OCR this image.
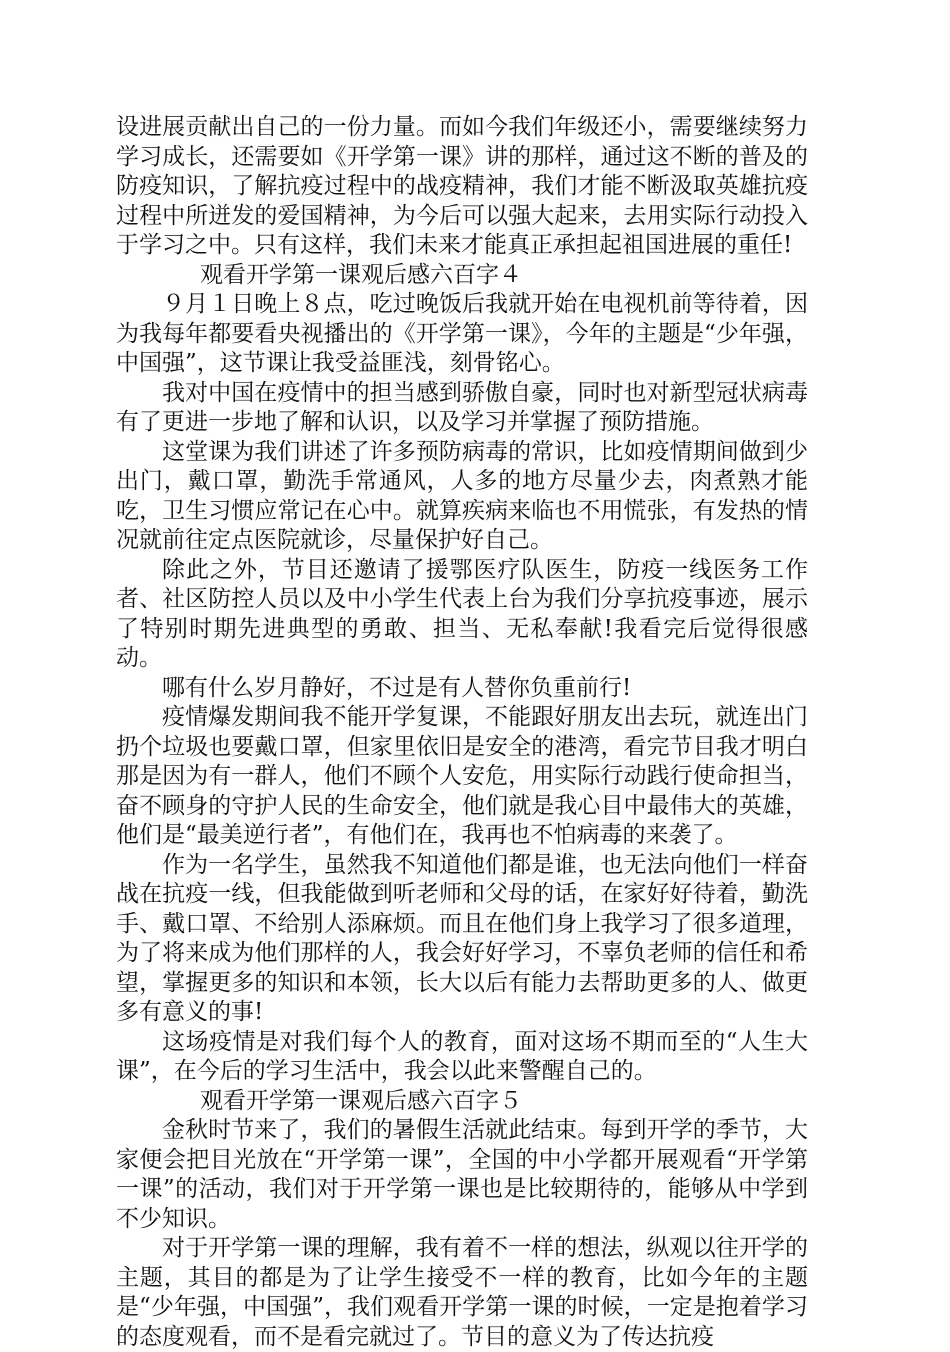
设进展贡献出自己的一份力量。而如今我们年级还小，需要继续努力学习成长，还需要如《开学第一课》讲的那样，通过这不断的普及的防疫知识，了解抗疫过程中的战疫精神，我们才能不断汲取英雄抗疫过程中所迸发的爱国精神，为今后可以强大起来，去用实际行动投入于学习之中。只有这样，我们未来才能真正承担起祖国进展的重任!

观看开学第一课观后感六百字４

９月１日晚上８点，吃过晚饭后我就开始在电视机前等待着，因为我每年都要看央视播出的《开学第一课》，今年的主题是“少年强，中国强”，这节课让我受益匪浅，刻骨铭心。

我对中国在疫情中的担当感到骄傲自豪，同时也对新型冠状病毒有了更进一步地了解和认识，以及学习并掌握了预防措施。

这堂课为我们讲述了许多预防病毒的常识，比如疫情期间做到少出门，戴口罩，勤洗手常通风，人多的地方尽量少去，肉煮熟才能吃，卫生习惯应常记在心中。就算疾病来临也不用慌张，有发热的情况就前往定点医院就诊，尽量保护好自己。

除此之外，节目还邀请了援鄂医疗队医生，防疫一线医务工作者、社区防控人员以及中小学生代表上台为我们分享抗疫事迹，展示了特别时期先进典型的勇敢、担当、无私奉献!我看完后觉得很感动。

哪有什么岁月静好，不过是有人替你负重前行!

疫情爆发期间我不能开学复课，不能跟好朋友出去玩，就连出门扔个垃圾也要戴口罩，但家里依旧是安全的港湾，看完节目我才明白那是因为有一群人，他们不顾个人安危，用实际行动践行使命担当，奋不顾身的守护人民的生命安全，他们就是我心目中最伟大的英雄，他们是“最美逆行者”，有他们在，我再也不怕病毒的来袭了。

作为一名学生，虽然我不知道他们都是谁，也无法向他们一样奋战在抗疫一线，但我能做到听老师和父母的话，在家好好待着，勤洗手、戴口罩、不给别人添麻烦。而且在他们身上我学习了很多道理，为了将来成为他们那样的人，我会好好学习，不辜负老师的信任和希望，掌握更多的知识和本领，长大以后有能力去帮助更多的人、做更多有意义的事!

这场疫情是对我们每个人的教育，面对这场不期而至的“人生大课”，在今后的学习生活中，我会以此来警醒自己的。

观看开学第一课观后感六百字５

金秋时节来了，我们的暑假生活就此结束。每到开学的季节，大家便会把目光放在“开学第一课”，全国的中小学都开展观看“开学第一课”的活动，我们对于开学第一课也是比较期待的，能够从中学到不少知识。

对于开学第一课的理解，我有着不一样的想法，纵观以往开学的主题，其目的都是为了让学生接受不一样的教育，比如今年的主题是“少年强，中国强”，我们观看开学第一课的时候，一定是抱着学习的态度观看，而不是看完就过了。节目的意义为了传达抗疫
